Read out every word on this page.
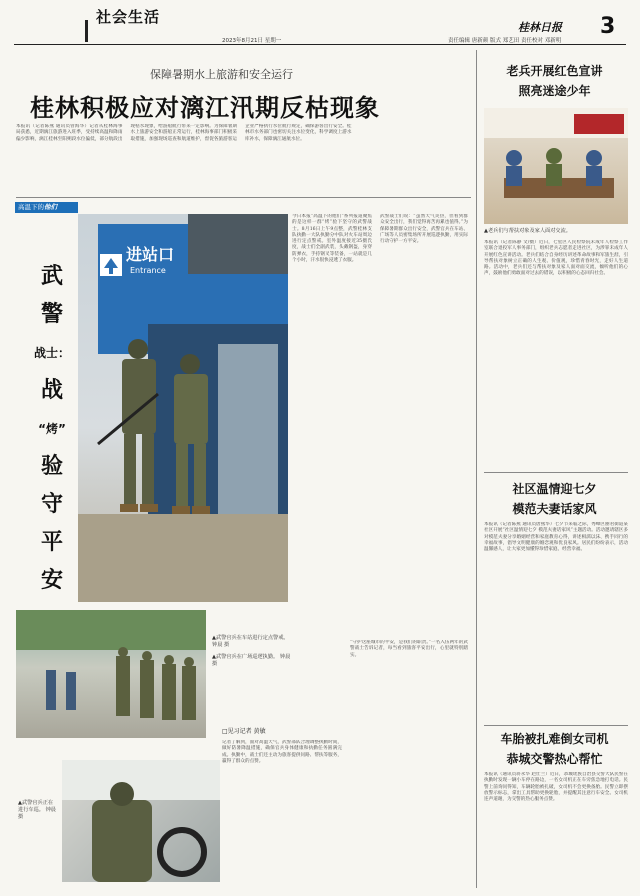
社会生活
2023年8月21日 星期一	责任编辑 唐新颜 版式 郑艺田 责任校对 邓新明
桂林日报 3
保障暑期水上旅游和安全运行
桂林积极应对漓江汛期反枯现象
本报讯（记者陈燕 通讯员曾海华）记者从桂林海事局获悉，近期漓江旅游进入旺季，受持续高温和降雨偏少影响，漓江桂林至阳朔段水位偏低，部分航段出现枯水现象，给游船航行带来一定影响。为保障暑期水上旅游安全和游船正常运行，桂林海事部门积极采取措施，加强现场巡查和航道维护，督促各旅游客运企业严格执行水位航行规定，确保游客出行安全。桂林市水务部门也密切关注水位变化，科学调度上游水库补水，保障漓江通航水位。
高温下的他们
武警
战士：
战
“烤”
验
守
平
安
进站口
Entrance
▲武警官兵在车站进行定点警戒。 钟晨 摄
▲武警官兵在广场巡逻执勤。 钟晨 摄
▲武警官兵正在进行车巡。 钟晨 摄
今日本报“高温下的他们”系列报道聚焦的是这样一群“烤”验下坚守的武警战士。8月16日上午9点整，武警桂林支队执勤一大队执勤分中队对火车站周边进行定点警戒。室外温度接近35摄氏度，战士们全副武装，头戴钢盔，身穿防弹衣，手持钢叉等装备，一站就是几个小时，汗水很快浸透了衣服。
武警战士们说：“虽然天气炎热，但看到群众安全出行，我们觉得再苦再累也值得。”为保障暑期群众出行安全，武警官兵在车站、广场等人员密集场所开展巡逻执勤，用实际行动守护一方平安。
□见习记者 黄敏
记者了解到，面对高温天气，武警部队合理调整执勤时间，做好防暑降温措施，确保官兵身体健康和执勤任务圆满完成。执勤中，战士们还主动为旅客提供问路、帮扶等服务，赢得了群众的点赞。
“守护这座城市的平安，是我们的职责。”一名入伍两年的武警战士告诉记者，每当看到旅客平安出行，心里就特别踏实。
老兵开展红色宣讲
照亮迷途少年
▲老兵们与帮扶对象及家人面对交流。
本报讯（记者陈静 文/摄）近日，七星区人民检察院未成年人检察工作室联合退役军人事务部门，组织老兵志愿者走进社区，为涉罪未成年人开展红色宣讲活动。老兵们结合自身经历讲述革命故事和军旅生涯，引导帮扶对象树立正确的人生观、价值观，珍惜青春时光，走好人生道路。活动中，老兵们还与帮扶对象及家人面对面交流，倾听他们的心声，鼓励他们勇敢面对过去的错误，以积极的心态回归社会。
社区温情迎七夕
模范夫妻话家风
本报讯（记者陈燕 通讯员唐燕华）七夕节来临之际，秀峰区丽君街道某社区开展“社区温情迎七夕 模范夫妻话家风”主题活动。活动邀请辖区多对模范夫妻分享婚姻经营和家庭教育心得，讲述相濡以沫、携手同行的幸福故事，倡导文明健康的婚恋观和优良家风。居民们纷纷表示，活动温馨感人，让大家更加懂得珍惜家庭、经营幸福。
车胎被扎难倒女司机
恭城交警热心帮忙
本报讯（通讯员蒋永华 赵仕兰）近日，恭城瑶族自治县交警大队民警在执勤时发现一辆小车停在路边，一名女司机正在车旁焦急地打电话。民警上前询问得知，车辆轮胎被扎破，女司机不会更换备胎。民警立即摆放警示标志，拿出工具帮助更换轮胎，并提醒其注意行车安全。女司机连声道谢，为交警的热心服务点赞。
